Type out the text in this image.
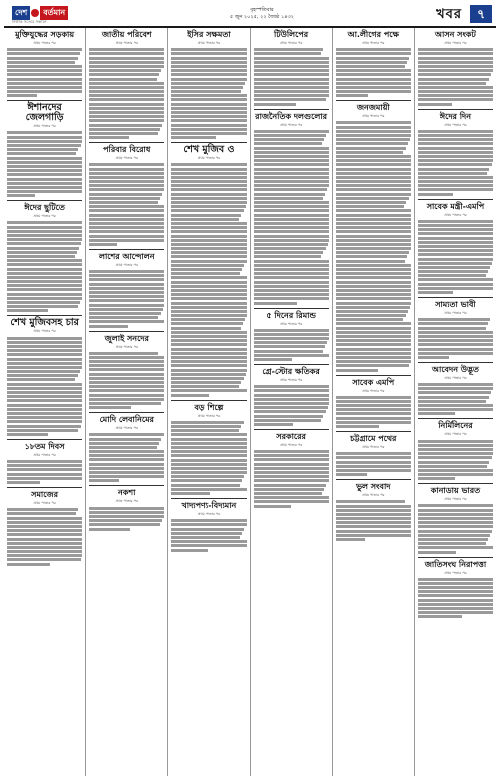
দেশ	বর্তমান
নির্ভীক সত্যের সন্ধানে
বৃহস্পতিবার
৫ জুন ২০২৫, ২২ জ্যৈষ্ঠ ১৪৩২	খবর	৭
মুক্তিযুদ্ধের সড়কায়
প্রথম পাতার পর
ঈশানদের জেলগাড়ি
প্রথম পাতার পর
ঈদের ছুটিতে
প্রথম পাতার পর
শেখ মুজিবসহ চার
প্রথম পাতার পর
১৮তম দিবস
প্রথম পাতার পর
সমাজের
প্রথম পাতার পর
জাতীয় পরিবেশ
প্রথম পাতার পর
পরিবার বিরোধ
প্রথম পাতার পর
লাশের আন্দোলন
প্রথম পাতার পর
জুলাই সনদের
প্রথম পাতার পর
মোদি লেবানিমের
প্রথম পাতার পর
নকশা
প্রথম পাতার পর
ইসির সক্ষমতা
প্রথম পাতার পর
শেখ মুজিব ও
প্রথম পাতার পর
বড় শিল্পে
প্রথম পাতার পর
খাদ্যপণ্য-বিদ্যমান
প্রথম পাতার পর
টিউলিপের
প্রথম পাতার পর
রাজনৈতিক দলগুলোর
প্রথম পাতার পর
৫ দিনের রিমান্ড
প্রথম পাতার পর
গ্রে-স্টোর ক্ষতিকর
প্রথম পাতার পর
সরকারের
প্রথম পাতার পর
আ.লীগের পক্ষে
প্রথম পাতার পর
জনজমায়ী
প্রথম পাতার পর
সাবেক এমপি
প্রথম পাতার পর
চট্টগ্রামে পথের
প্রথম পাতার পর
ভুল সংবাদ
প্রথম পাতার পর
আসন সংকট
প্রথম পাতার পর
ঈদের দিন
প্রথম পাতার পর
সাবেক মন্ত্রী-এমপি
প্রথম পাতার পর
সাম্যতা ভাবী
প্রথম পাতার পর
আবেদন উদ্ভূত
প্রথম পাতার পর
নির্মিলিনের
প্রথম পাতার পর
কানাডায় ভারত
প্রথম পাতার পর
জাতিসংঘ নিরাপত্তা
প্রথম পাতার পর
